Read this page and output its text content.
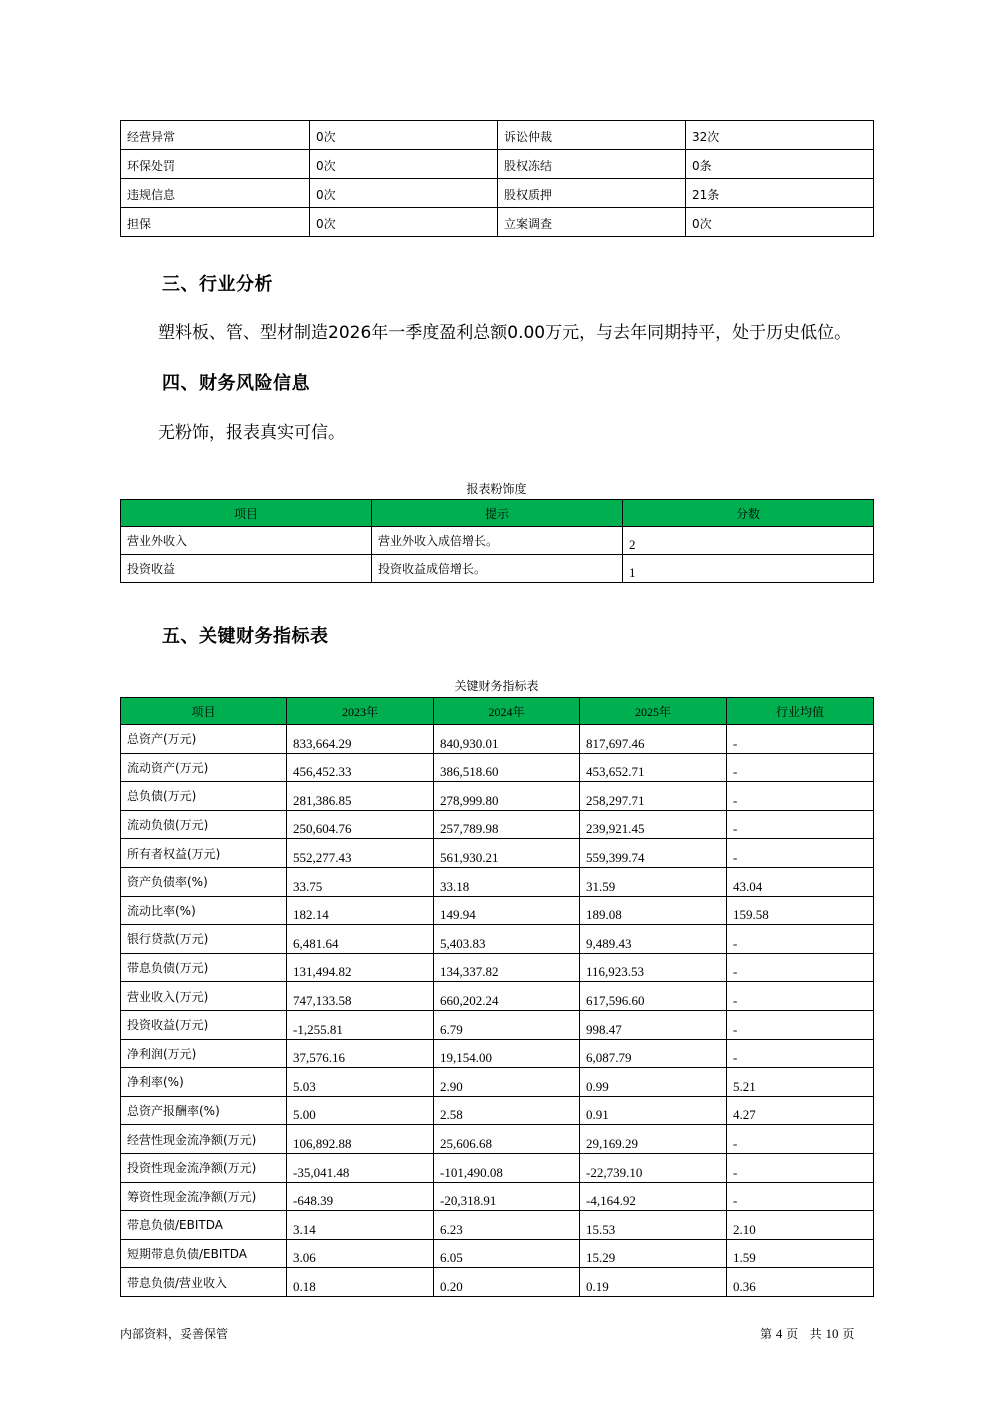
经营异常	0次	诉讼仲裁	32次
环保处罚	0次	股权冻结	0条
违规信息	0次	股权质押	21条
担保	0次	立案调查	0次
三、行业分析

塑料板、管、型材制造2026年一季度盈利总额0.00万元，与去年同期持平，处于历史低位。

四、财务风险信息

无粉饰，报表真实可信。

报表粉饰度
项目	提示	分数
营业外收入	营业外收入成倍增长。	2
投资收益	投资收益成倍增长。	1
五、关键财务指标表
关键财务指标表
项目	2023年	2024年	2025年	行业均值
总资产(万元)	833,664.29	840,930.01	817,697.46	-
流动资产(万元)	456,452.33	386,518.60	453,652.71	-
总负债(万元)	281,386.85	278,999.80	258,297.71	-
流动负债(万元)	250,604.76	257,789.98	239,921.45	-
所有者权益(万元)	552,277.43	561,930.21	559,399.74	-
资产负债率(%)	33.75	33.18	31.59	43.04
流动比率(%)	182.14	149.94	189.08	159.58
银行贷款(万元)	6,481.64	5,403.83	9,489.43	-
带息负债(万元)	131,494.82	134,337.82	116,923.53	-
营业收入(万元)	747,133.58	660,202.24	617,596.60	-
投资收益(万元)	-1,255.81	6.79	998.47	-
净利润(万元)	37,576.16	19,154.00	6,087.79	-
净利率(%)	5.03	2.90	0.99	5.21
总资产报酬率(%)	5.00	2.58	0.91	4.27
经营性现金流净额(万元)	106,892.88	25,606.68	29,169.29	-
投资性现金流净额(万元)	-35,041.48	-101,490.08	-22,739.10	-
筹资性现金流净额(万元)	-648.39	-20,318.91	-4,164.92	-
带息负债/EBITDA	3.14	6.23	15.53	2.10
短期带息负债/EBITDA	3.06	6.05	15.29	1.59
带息负债/营业收入	0.18	0.20	0.19	0.36
内部资料，妥善保管	第 4 页 共 10 页
